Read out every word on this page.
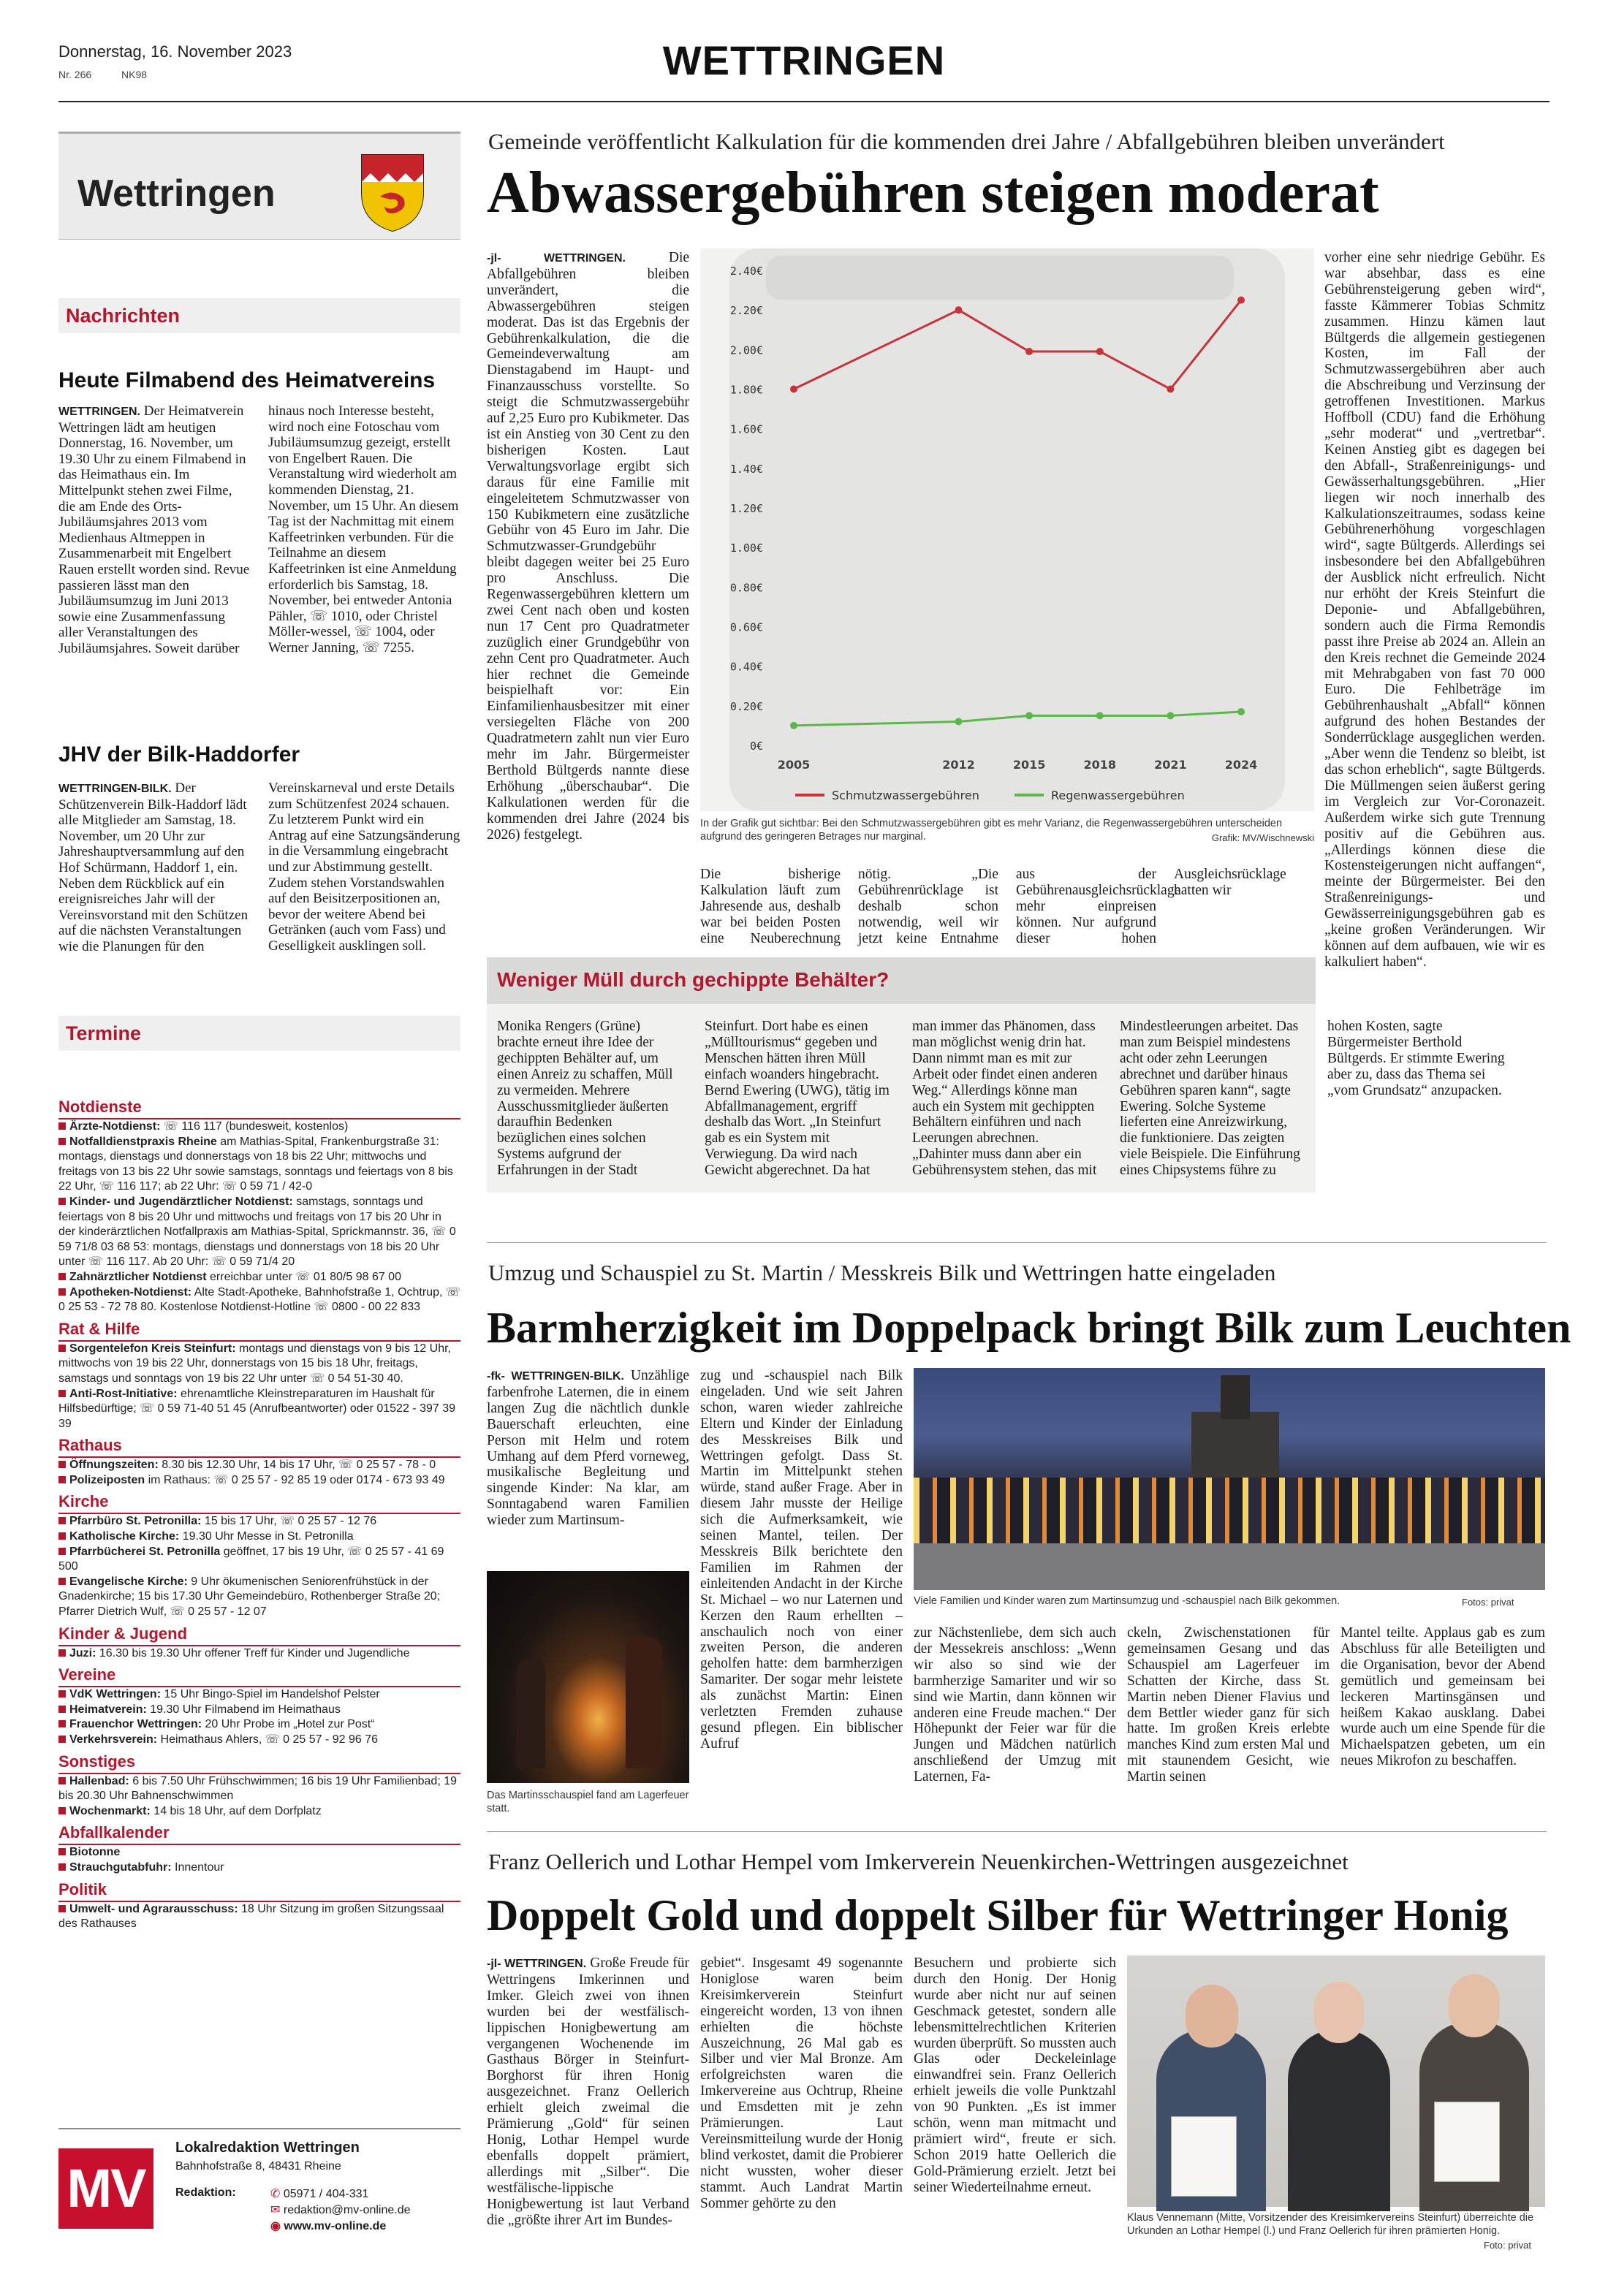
Donnerstag, 16. November 2023
Nr. 266	NK98	WETTRINGEN
Wettringen
Nachrichten
Heute Filmabend des Heimatvereins
WETTRINGEN. Der Heimatverein Wettringen lädt am heutigen Donnerstag, 16. November, um 19.30 Uhr zu einem Filmabend in das Heimathaus ein. Im Mittelpunkt stehen zwei Filme, die am Ende des Orts-Jubiläumsjahres 2013 vom Medienhaus Altmeppen in Zusammenarbeit mit Engelbert Rauen erstellt worden sind. Revue passieren lässt man den Jubiläumsumzug im Juni 2013 sowie eine Zusammenfassung aller Veranstaltungen des Jubiläumsjahres. Soweit darüber hinaus noch Interesse besteht, wird noch eine Fotoschau vom Jubiläumsumzug gezeigt, erstellt von Engelbert Rauen. Die Veranstaltung wird wiederholt am kommenden Dienstag, 21. November, um 15 Uhr. An diesem Tag ist der Nachmittag mit einem Kaffeetrinken verbunden. Für die Teilnahme an diesem Kaffeetrinken ist eine Anmeldung erforderlich bis Samstag, 18. November, bei entweder Antonia Pähler, ☏ 1010, oder Christel Möller-wessel, ☏ 1004, oder Werner Janning, ☏ 7255.
JHV der Bilk-Haddorfer
WETTRINGEN-BILK. Der Schützenverein Bilk-Haddorf lädt alle Mitglieder am Samstag, 18. November, um 20 Uhr zur Jahreshauptversammlung auf den Hof Schürmann, Haddorf 1, ein. Neben dem Rückblick auf ein ereignisreiches Jahr will der Vereinsvorstand mit den Schützen auf die nächsten Veranstaltungen wie die Planungen für den Vereinskarneval und erste Details zum Schützenfest 2024 schauen. Zu letzterem Punkt wird ein Antrag auf eine Satzungsänderung in die Versammlung eingebracht und zur Abstimmung gestellt. Zudem stehen Vorstandswahlen auf den Beisitzerpositionen an, bevor der weitere Abend bei Getränken (auch vom Fass) und Geselligkeit ausklingen soll.
Termine
Notdienste
Ärzte-Notdienst: ☏ 116 117 (bundesweit, kostenlos)
Notfalldienstpraxis Rheine am Mathias-Spital, Frankenburgstraße 31: montags, dienstags und donnerstags von 18 bis 22 Uhr; mittwochs und freitags von 13 bis 22 Uhr sowie samstags, sonntags und feiertags von 8 bis 22 Uhr, ☏ 116 117; ab 22 Uhr: ☏ 0 59 71 / 42-0
Kinder- und Jugendärztlicher Notdienst: samstags, sonntags und feiertags von 8 bis 20 Uhr und mittwochs und freitags von 17 bis 20 Uhr in der kinderärztlichen Notfallpraxis am Mathias-Spital, Sprickmannstr. 36, ☏ 0 59 71/8 03 68 53: montags, dienstags und donnerstags von 18 bis 20 Uhr unter ☏ 116 117. Ab 20 Uhr: ☏ 0 59 71/4 20
Zahnärztlicher Notdienst erreichbar unter ☏ 01 80/5 98 67 00
Apotheken-Notdienst: Alte Stadt-Apotheke, Bahnhofstraße 1, Ochtrup, ☏ 0 25 53 - 72 78 80. Kostenlose Notdienst-Hotline ☏ 0800 - 00 22 833
Rat & Hilfe
Sorgentelefon Kreis Steinfurt: montags und dienstags von 9 bis 12 Uhr, mittwochs von 19 bis 22 Uhr, donnerstags von 15 bis 18 Uhr, freitags, samstags und sonntags von 19 bis 22 Uhr unter ☏ 0 54 51-30 40.
Anti-Rost-Initiative: ehrenamtliche Kleinstreparaturen im Haushalt für Hilfsbedürftige; ☏ 0 59 71-40 51 45 (Anrufbeantworter) oder 01522 - 397 39 39
Rathaus
Öffnungszeiten: 8.30 bis 12.30 Uhr, 14 bis 17 Uhr, ☏ 0 25 57 - 78 - 0
Polizeiposten im Rathaus: ☏ 0 25 57 - 92 85 19 oder 0174 - 673 93 49
Kirche
Pfarrbüro St. Petronilla: 15 bis 17 Uhr, ☏ 0 25 57 - 12 76
Katholische Kirche: 19.30 Uhr Messe in St. Petronilla
Pfarrbücherei St. Petronilla geöffnet, 17 bis 19 Uhr, ☏ 0 25 57 - 41 69 500
Evangelische Kirche: 9 Uhr ökumenischen Seniorenfrühstück in der Gnadenkirche; 15 bis 17.30 Uhr Gemeindebüro, Rothenberger Straße 20; Pfarrer Dietrich Wulf, ☏ 0 25 57 - 12 07
Kinder & Jugend
Juzi: 16.30 bis 19.30 Uhr offener Treff für Kinder und Jugendliche
Vereine
VdK Wettringen: 15 Uhr Bingo-Spiel im Handelshof Pelster
Heimatverein: 19.30 Uhr Filmabend im Heimathaus
Frauenchor Wettringen: 20 Uhr Probe im „Hotel zur Post“
Verkehrsverein: Heimathaus Ahlers, ☏ 0 25 57 - 92 96 76
Sonstiges
Hallenbad: 6 bis 7.50 Uhr Frühschwimmen; 16 bis 19 Uhr Familienbad; 19 bis 20.30 Uhr Bahnenschwimmen
Wochenmarkt: 14 bis 18 Uhr, auf dem Dorfplatz
Abfallkalender
Biotonne
Strauchgutabfuhr: Innentour
Politik
Umwelt- und Agrarausschuss: 18 Uhr Sitzung im großen Sitzungssaal des Rathauses
MV
Lokalredaktion Wettringen
Bahnhofstraße 8, 48431 Rheine
Redaktion:	✆ 05971 / 404-331
✉ redaktion@mv-online.de
◉ www.mv-online.de
Gemeinde veröffentlicht Kalkulation für die kommenden drei Jahre / Abfallgebühren bleiben unverändert
Abwassergebühren steigen moderat
-jl- WETTRINGEN.	Die Abfallgebühren bleiben unverändert, die Abwassergebühren steigen moderat. Das ist das Ergebnis der Gebührenkalkulation, die die Gemeindeverwaltung am Dienstagabend im Haupt- und Finanzausschuss vorstellte. So steigt die Schmutzwassergebühr auf 2,25 Euro pro Kubikmeter. Das ist ein Anstieg von 30 Cent zu den bisherigen Kosten. Laut Verwaltungsvorlage ergibt sich daraus für eine Familie mit eingeleitetem Schmutzwasser von 150 Kubikmetern eine zusätzliche Gebühr von 45 Euro im Jahr. Die Schmutzwasser-Grundgebühr bleibt dagegen weiter bei 25 Euro pro Anschluss. Die Regenwassergebühren klettern um zwei Cent nach oben und kosten nun 17 Cent pro Quadratmeter zuzüglich einer Grundgebühr von zehn Cent pro Quadratmeter. Auch hier rechnet die Gemeinde beispielhaft vor: Ein Einfamilienhausbesitzer mit einer versiegelten Fläche von 200 Quadratmetern zahlt nun vier Euro mehr im Jahr. Bürgermeister Berthold Bültgerds nannte diese Erhöhung „überschaubar“. Die Kalkulationen werden für die kommenden drei Jahre (2024 bis 2026) festgelegt.
0€
0.20€
0.40€
0.60€
0.80€
1.00€
1.20€
1.40€
1.60€
1.80€
2.00€
2.20€
2.40€
2005	2012	2015	2018	2021	2024
Schmutzwassergebühren	Regenwassergebühren
In der Grafik gut sichtbar: Bei den Schmutzwassergebühren gibt es mehr Varianz, die Regenwassergebühren unterscheiden aufgrund des geringeren Betrages nur marginal.	Grafik: MV/Wischnewski
Die bisherige Kalkulation läuft zum Jahresende aus, deshalb war bei beiden Posten eine Neuberechnung nötig. „Die Gebührenrücklage ist deshalb schon notwendig, weil wir jetzt keine Entnahme aus der Gebührenausgleichsrücklage mehr einpreisen können. Nur aufgrund dieser hohen Ausgleichsrücklage hatten wir
vorher eine sehr niedrige Gebühr. Es war absehbar, dass es eine Gebührensteigerung geben wird“, fasste Kämmerer Tobias Schmitz zusammen. Hinzu kämen laut Bültgerds die allgemein gestiegenen Kosten, im Fall der Schmutzwassergebühren aber auch die Abschreibung und Verzinsung der getroffenen Investitionen. Markus Hoffboll (CDU) fand die Erhöhung „sehr moderat“ und „vertretbar“. Keinen Anstieg gibt es dagegen bei den Abfall-, Straßenreinigungs- und Gewässerhaltungsgebühren. „Hier liegen wir noch innerhalb des Kalkulationszeitraumes, sodass keine Gebührenerhöhung vorgeschlagen wird“, sagte Bültgerds. Allerdings sei insbesondere bei den Abfallgebühren der Ausblick nicht erfreulich. Nicht nur erhöht der Kreis Steinfurt die Deponie- und Abfallgebühren, sondern auch die Firma Remondis passt ihre Preise ab 2024 an. Allein an den Kreis rechnet die Gemeinde 2024 mit Mehrabgaben von fast 70 000 Euro. Die Fehlbeträge im Gebührenhaushalt „Abfall“ können aufgrund des hohen Bestandes der Sonderrücklage ausgeglichen werden. „Aber wenn die Tendenz so bleibt, ist das schon erheblich“, sagte Bültgerds. Die Müllmengen seien äußerst gering im Vergleich zur Vor-Coronazeit. Außerdem wirke sich gute Trennung positiv auf die Gebühren aus. „Allerdings können diese die Kostensteigerungen nicht auffangen“, meinte der Bürgermeister. Bei den Straßenreinigungs- und Gewässerreinigungsgebühren gab es „keine großen Veränderungen. Wir können auf dem aufbauen, wie wir es kalkuliert haben“.
Weniger Müll durch gechippte Behälter?
Monika Rengers (Grüne) brachte erneut ihre Idee der gechippten Behälter auf, um einen Anreiz zu schaffen, Müll zu vermeiden. Mehrere Ausschussmitglieder äußerten daraufhin Bedenken bezüglichen eines solchen Systems aufgrund der Erfahrungen in der Stadt Steinfurt. Dort habe es einen „Mülltourismus“ gegeben und Menschen hätten ihren Müll einfach woanders hingebracht. Bernd Ewering (UWG), tätig im Abfallmanagement, ergriff deshalb das Wort. „In Steinfurt gab es ein System mit Verwiegung. Da wird nach Gewicht abgerechnet. Da hat man immer das Phänomen, dass man möglichst wenig drin hat. Dann nimmt man es mit zur Arbeit oder findet einen anderen Weg.“ Allerdings könne man auch ein System mit gechippten Behältern einführen und nach Leerungen abrechnen. „Dahinter muss dann aber ein Gebührensystem stehen, das mit Mindestleerungen arbeitet. Das man zum Beispiel mindestens acht oder zehn Leerungen abrechnet und darüber hinaus Gebühren sparen kann“, sagte Ewering. Solche Systeme lieferten eine Anreizwirkung, die funktioniere. Das zeigten viele Beispiele. Die Einführung eines Chipsystems führe zu hohen Kosten, sagte Bürgermeister Berthold Bültgerds. Er stimmte Ewering aber zu, dass das Thema sei „vom Grundsatz“ anzupacken.
Umzug und Schauspiel zu St. Martin / Messkreis Bilk und Wettringen hatte eingeladen
Barmherzigkeit im Doppelpack bringt Bilk zum Leuchten
-fk- WETTRINGEN-BILK. Unzählige farbenfrohe Laternen, die in einem langen Zug die nächtlich dunkle Bauerschaft erleuchten, eine Person mit Helm und rotem Umhang auf dem Pferd vorneweg, musikalische Begleitung und singende Kinder: Na klar, am Sonntagabend waren Familien wieder zum Martinsum-
Das Martinsschauspiel fand am Lagerfeuer statt.
zug und -schauspiel nach Bilk eingeladen. Und wie seit Jahren schon, waren wieder zahlreiche Eltern und Kinder der Einladung des Messkreises Bilk und Wettringen gefolgt. Dass St. Martin im Mittelpunkt stehen würde, stand außer Frage. Aber in diesem Jahr musste der Heilige sich die Aufmerksamkeit, wie seinen Mantel, teilen. Der Messkreis Bilk berichtete den Familien im Rahmen der einleitenden Andacht in der Kirche St. Michael – wo nur Laternen und Kerzen den Raum erhellten – anschaulich noch von einer zweiten Person, die anderen geholfen hatte: dem barmherzigen Samariter. Der sogar mehr leistete als zunächst Martin: Einen verletzten Fremden zuhause gesund pflegen. Ein biblischer Aufruf
Viele Familien und Kinder waren zum Martinsumzug und -schauspiel nach Bilk gekommen.	Fotos: privat
zur Nächstenliebe, dem sich auch der Messekreis anschloss: „Wenn wir also so sind wie der barmherzige Samariter und wir so sind wie Martin, dann können wir anderen eine Freude machen.“ Der Höhepunkt der Feier war für die Jungen und Mädchen natürlich anschließend der Umzug mit Laternen, Fa-
ckeln, Zwischenstationen für gemeinsamen Gesang und das Schauspiel am Lagerfeuer im Schatten der Kirche, dass St. Martin neben Diener Flavius und dem Bettler wieder ganz für sich hatte. Im großen Kreis erlebte manches Kind zum ersten Mal und mit staunendem Gesicht, wie Martin seinen
Mantel teilte. Applaus gab es zum Abschluss für alle Beteiligten und die Organisation, bevor der Abend gemütlich und gemeinsam bei leckeren Martinsgänsen und heißem Kakao ausklang. Dabei wurde auch um eine Spende für die Michaelspatzen gebeten, um ein neues Mikrofon zu beschaffen.
Franz Oellerich und Lothar Hempel vom Imkerverein Neuenkirchen-Wettringen ausgezeichnet
Doppelt Gold und doppelt Silber für Wettringer Honig
-jl- WETTRINGEN. Große Freude für Wettringens Imkerinnen und Imker. Gleich zwei von ihnen wurden bei der westfälisch-lippischen Honigbewertung am vergangenen Wochenende im Gasthaus Börger in Steinfurt-Borghorst für ihren Honig ausgezeichnet. Franz Oellerich erhielt gleich zweimal die Prämierung „Gold“ für seinen Honig, Lothar Hempel wurde ebenfalls doppelt prämiert, allerdings mit „Silber“. Die westfälische-lippische Honigbewertung ist laut Verband die „größte ihrer Art im Bundes-
gebiet“. Insgesamt 49 sogenannte Honiglose waren beim Kreisimkerverein Steinfurt eingereicht worden, 13 von ihnen erhielten die höchste Auszeichnung, 26 Mal gab es Silber und vier Mal Bronze. Am erfolgreichsten waren die Imkervereine aus Ochtrup, Rheine und Emsdetten mit je zehn Prämierungen. Laut Vereinsmitteilung wurde der Honig blind verkostet, damit die Probierer nicht wussten, woher dieser stammt. Auch Landrat Martin Sommer gehörte zu den
Besuchern und probierte sich durch den Honig. Der Honig wurde aber nicht nur auf seinen Geschmack getestet, sondern alle lebensmittelrechtlichen Kriterien wurden überprüft. So mussten auch Glas oder Deckeleinlage einwandfrei sein. Franz Oellerich erhielt jeweils die volle Punktzahl von 90 Punkten. „Es ist immer schön, wenn man mitmacht und prämiert wird“, freute er sich. Schon 2019 hatte Oellerich die Gold-Prämierung erzielt. Jetzt bei seiner Wiederteilnahme erneut.
Klaus Vennemann (Mitte, Vorsitzender des Kreisimkervereins Steinfurt) überreichte die Urkunden an Lothar Hempel (l.) und Franz Oellerich für ihren prämierten Honig.
Foto: privat
